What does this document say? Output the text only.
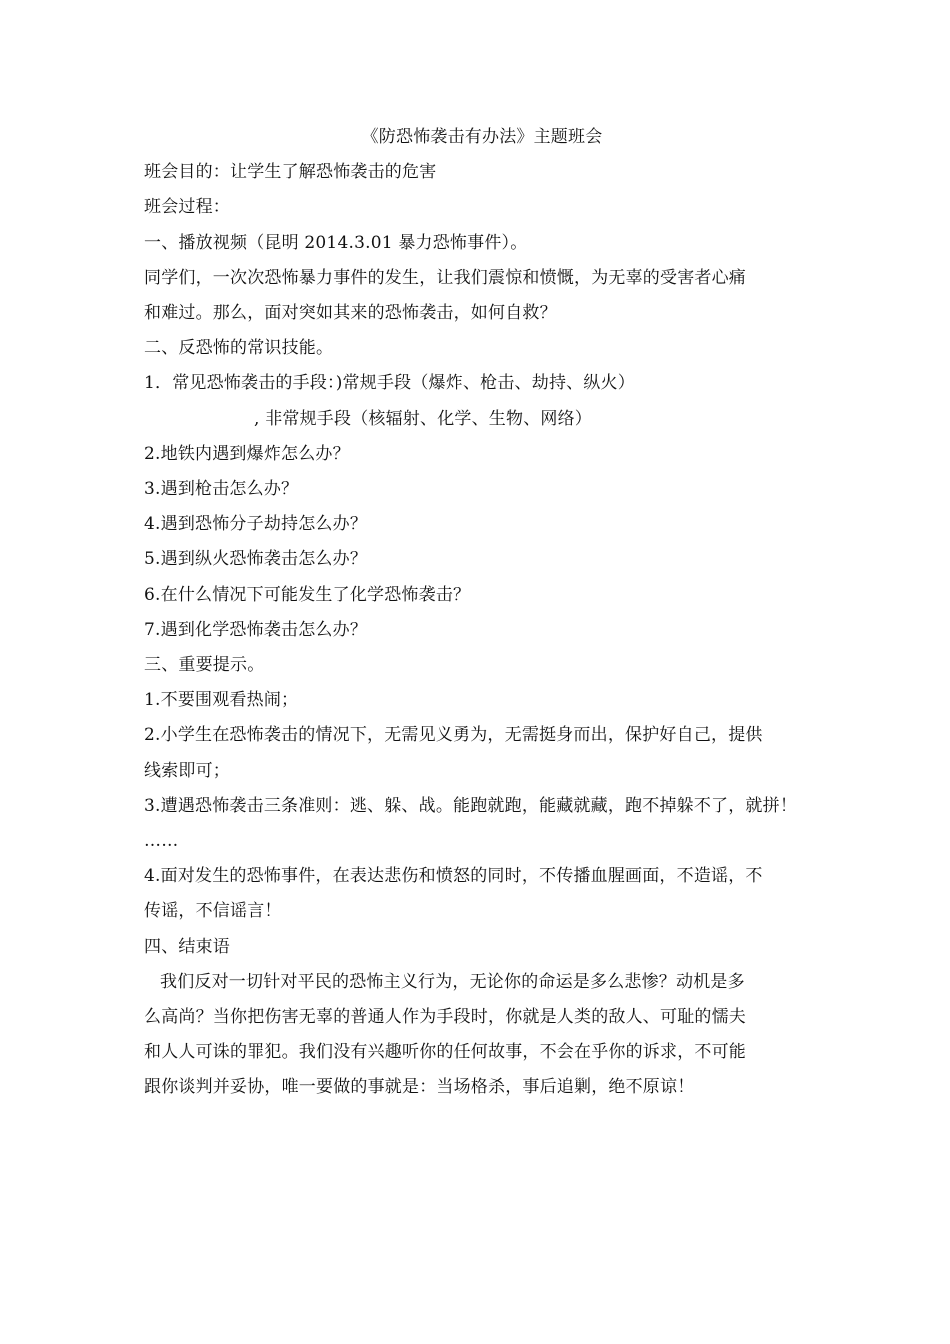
《防恐怖袭击有办法》主题班会
班会目的：让学生了解恐怖袭击的危害
班会过程：
一、播放视频（昆明 2014.3.01 暴力恐怖事件）。
同学们，一次次恐怖暴力事件的发生，让我们震惊和愤慨，为无辜的受害者心痛
和难过。那么，面对突如其来的恐怖袭击，如何自救？
二、反恐怖的常识技能。
1．常见恐怖袭击的手段：)常规手段（爆炸、枪击、劫持、纵火）
, 非常规手段（核辐射、化学、生物、网络）
2.地铁内遇到爆炸怎么办？
3.遇到枪击怎么办？
4.遇到恐怖分子劫持怎么办？
5.遇到纵火恐怖袭击怎么办？
6.在什么情况下可能发生了化学恐怖袭击？
7.遇到化学恐怖袭击怎么办？
三、重要提示。
1.不要围观看热闹；
2.小学生在恐怖袭击的情况下，无需见义勇为，无需挺身而出，保护好自己，提供
线索即可；
3.遭遇恐怖袭击三条准则：逃、躲、战。能跑就跑，能藏就藏，跑不掉躲不了，就拼！
……
4.面对发生的恐怖事件，在表达悲伤和愤怒的同时，不传播血腥画面，不造谣，不
传谣，不信谣言！
四、结束语
我们反对一切针对平民的恐怖主义行为，无论你的命运是多么悲惨？动机是多
么高尚？当你把伤害无辜的普通人作为手段时，你就是人类的敌人、可耻的懦夫
和人人可诛的罪犯。我们没有兴趣听你的任何故事，不会在乎你的诉求，不可能
跟你谈判并妥协，唯一要做的事就是：当场格杀，事后追剿，绝不原谅！
